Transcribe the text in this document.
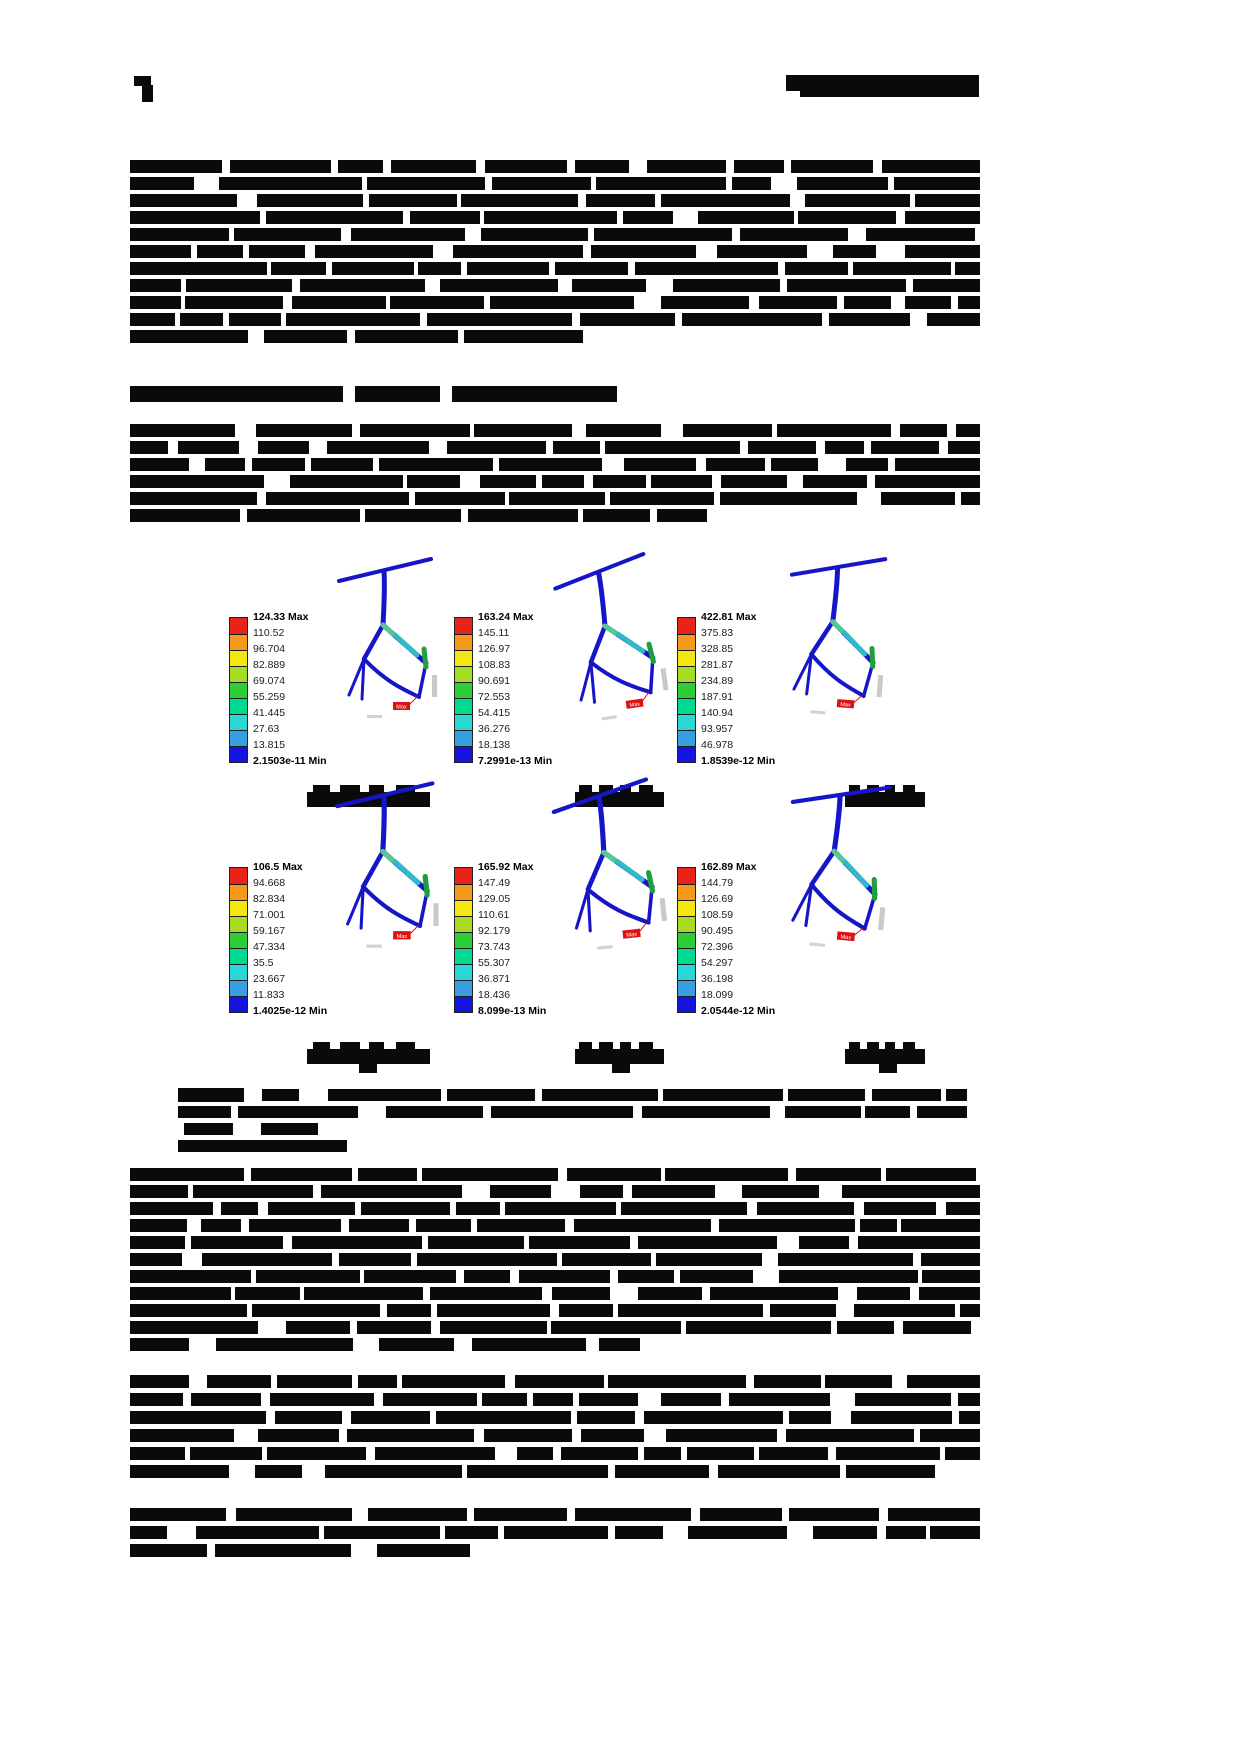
124.33 Max
110.52
96.704
82.889
69.074
55.259
41.445
27.63
13.815
2.1503e-11 Min
Max
163.24 Max
145.11
126.97
108.83
90.691
72.553
54.415
36.276
18.138
7.2991e-13 Min
Max
422.81 Max
375.83
328.85
281.87
234.89
187.91
140.94
93.957
46.978
1.8539e-12 Min
Max
106.5 Max
94.668
82.834
71.001
59.167
47.334
35.5
23.667
11.833
1.4025e-12 Min
Max
165.92 Max
147.49
129.05
110.61
92.179
73.743
55.307
36.871
18.436
8.099e-13 Min
Max
162.89 Max
144.79
126.69
108.59
90.495
72.396
54.297
36.198
18.099
2.0544e-12 Min
Max
